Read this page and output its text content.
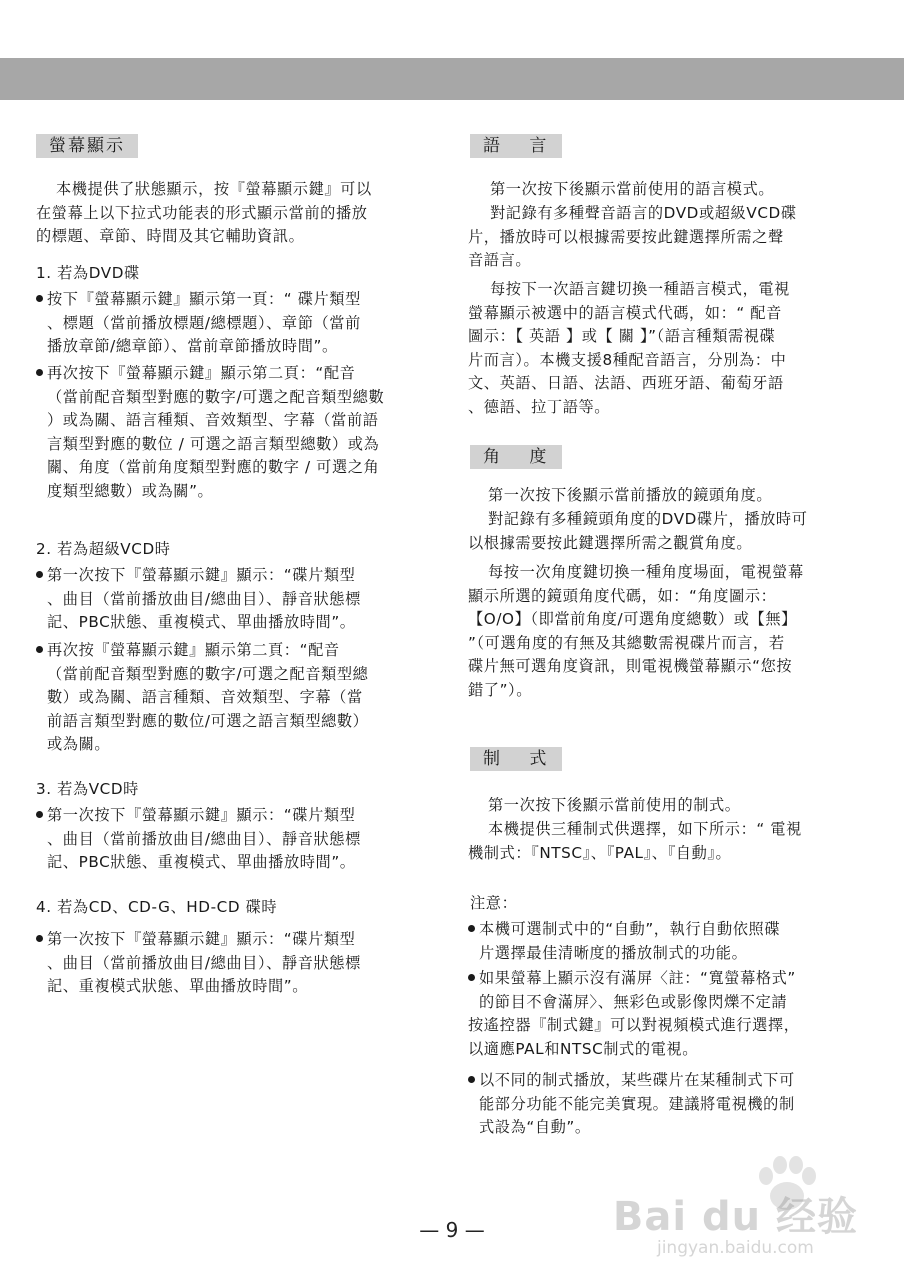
螢幕顯示
本機提供了狀態顯示，按『螢幕顯示鍵』可以
在螢幕上以下拉式功能表的形式顯示當前的播放
的標題、章節、時間及其它輔助資訊。
1. 若為DVD碟
按下『螢幕顯示鍵』顯示第一頁：“ 碟片類型
、標題（當前播放標題/總標題）、章節（當前
播放章節/總章節）、當前章節播放時間”。
再次按下『螢幕顯示鍵』顯示第二頁：“配音
（當前配音類型對應的數字/可選之配音類型總數
）或為關、語言種類、音效類型、字幕（當前語
言類型對應的數位 / 可選之語言類型總數）或為
關、角度（當前角度類型對應的數字 / 可選之角
度類型總數）或為關”。
2. 若為超級VCD時
第一次按下『螢幕顯示鍵』顯示：“碟片類型
、曲目（當前播放曲目/總曲目）、靜音狀態標
記、PBC狀態、重複模式、單曲播放時間”。
再次按『螢幕顯示鍵』顯示第二頁：“配音
（當前配音類型對應的數字/可選之配音類型總
數）或為關、語言種類、音效類型、字幕（當
前語言類型對應的數位/可選之語言類型總數）
或為關。
3. 若為VCD時
第一次按下『螢幕顯示鍵』顯示：“碟片類型
、曲目（當前播放曲目/總曲目）、靜音狀態標
記、PBC狀態、重複模式、單曲播放時間”。
4. 若為CD、CD-G、HD-CD 碟時
第一次按下『螢幕顯示鍵』顯示：“碟片類型
、曲目（當前播放曲目/總曲目）、靜音狀態標
記、重複模式狀態、單曲播放時間”。
語 言
第一次按下後顯示當前使用的語言模式。
對記錄有多種聲音語言的DVD或超級VCD碟
片，播放時可以根據需要按此鍵選擇所需之聲
音語言。
每按下一次語言鍵切換一種語言模式，電視
螢幕顯示被選中的語言模式代碼，如：“ 配音
圖示：【 英語 】或【 關 】”（語言種類需視碟
片而言）。本機支援8種配音語言，分別為：中
文、英語、日語、法語、西班牙語、葡萄牙語
、德語、拉丁語等。
角 度
第一次按下後顯示當前播放的鏡頭角度。
對記錄有多種鏡頭角度的DVD碟片，播放時可
以根據需要按此鍵選擇所需之觀賞角度。
每按一次角度鍵切換一種角度場面，電視螢幕
顯示所選的鏡頭角度代碼，如：“角度圖示：
【O/O】（即當前角度/可選角度總數）或【無】
”（可選角度的有無及其總數需視碟片而言，若
碟片無可選角度資訊，則電視機螢幕顯示“您按
錯了”）。
制 式
第一次按下後顯示當前使用的制式。
本機提供三種制式供選擇，如下所示：“ 電視
機制式：『NTSC』、『PAL』、『自動』。
注意：
本機可選制式中的“自動”，執行自動依照碟
片選擇最佳清晰度的播放制式的功能。
如果螢幕上顯示沒有滿屏〈註：“寬螢幕格式”
的節目不會滿屏〉、無彩色或影像閃爍不定請
按遙控器『制式鍵』可以對視頻模式進行選擇，
以適應PAL和NTSC制式的電視。
以不同的制式播放，某些碟片在某種制式下可
能部分功能不能完美實現。建議將電視機的制
式設為“自動”。
— 9 —	Bai du 经验
jingyan.baidu.com
